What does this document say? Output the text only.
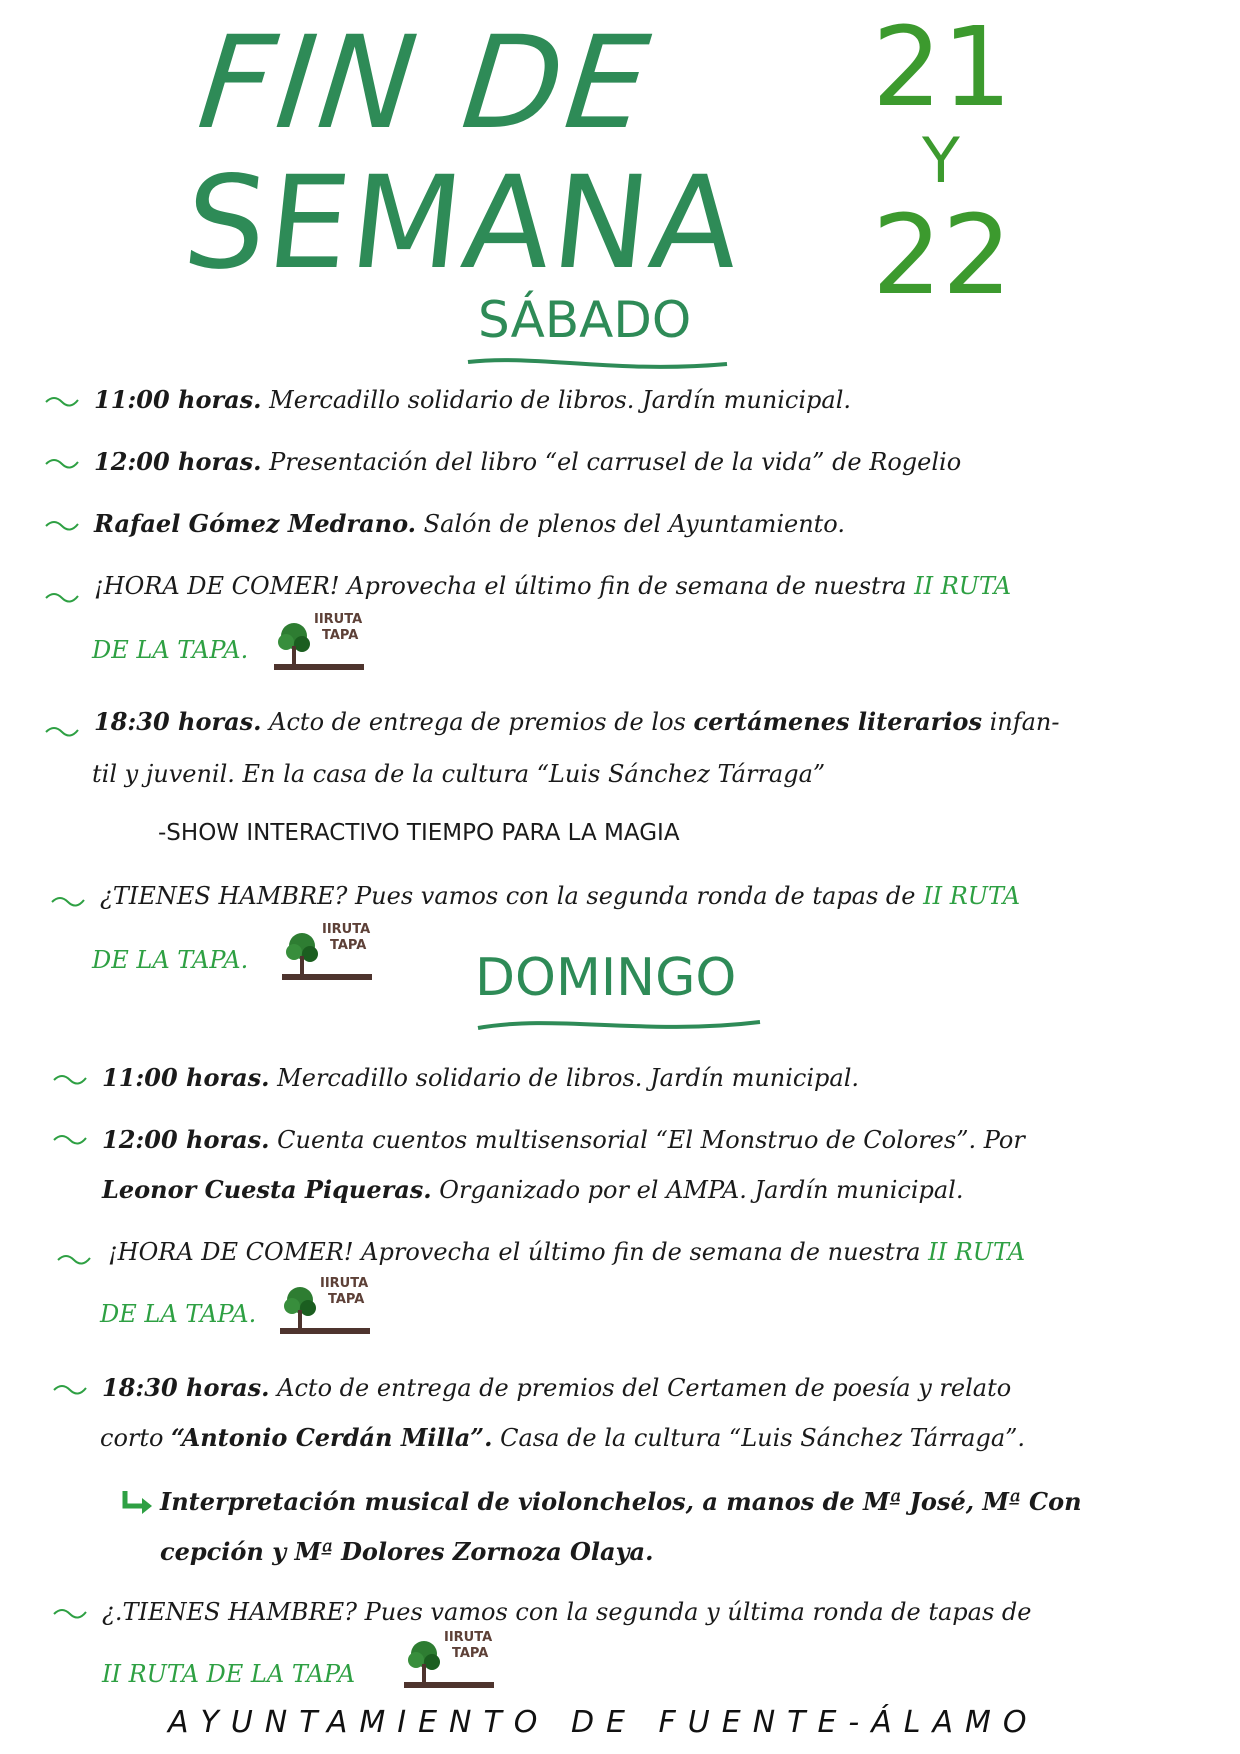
FIN DE
SEMANA
21
Y
22
SÁBADO
11:00 horas. Mercadillo solidario de libros. Jardín municipal.
12:00 horas. Presentación del libro “el carrusel de la vida” de Rogelio
Rafael Gómez Medrano. Salón de plenos del Ayuntamiento.
¡HORA DE COMER! Aprovecha el último fin de semana de nuestra II RUTA
DE LA TAPA.
IIRUTA
TAPA
18:30 horas. Acto de entrega de premios de los certámenes literarios infan-
til y juvenil. En la casa de la cultura “Luis Sánchez Tárraga”
-SHOW INTERACTIVO TIEMPO PARA LA MAGIA
¿TIENES HAMBRE? Pues vamos con la segunda ronda de tapas de II RUTA
DE LA TAPA.
IIRUTA
TAPA
DOMINGO
11:00 horas. Mercadillo solidario de libros. Jardín municipal.
12:00 horas. Cuenta cuentos multisensorial “El Monstruo de Colores”. Por
Leonor Cuesta Piqueras. Organizado por el AMPA. Jardín municipal.
¡HORA DE COMER! Aprovecha el último fin de semana de nuestra II RUTA
DE LA TAPA.
IIRUTA
TAPA
18:30 horas. Acto de entrega de premios del Certamen de poesía y relato
corto “Antonio Cerdán Milla”. Casa de la cultura “Luis Sánchez Tárraga”.
Interpretación musical de violonchelos, a manos de Mª José, Mª Con
cepción y Mª Dolores Zornoza Olaya.
¿.TIENES HAMBRE? Pues vamos con la segunda y última ronda de tapas de
II RUTA DE LA TAPA
IIRUTA
TAPA
AYUNTAMIENTO DE FUENTE-ÁLAMO
